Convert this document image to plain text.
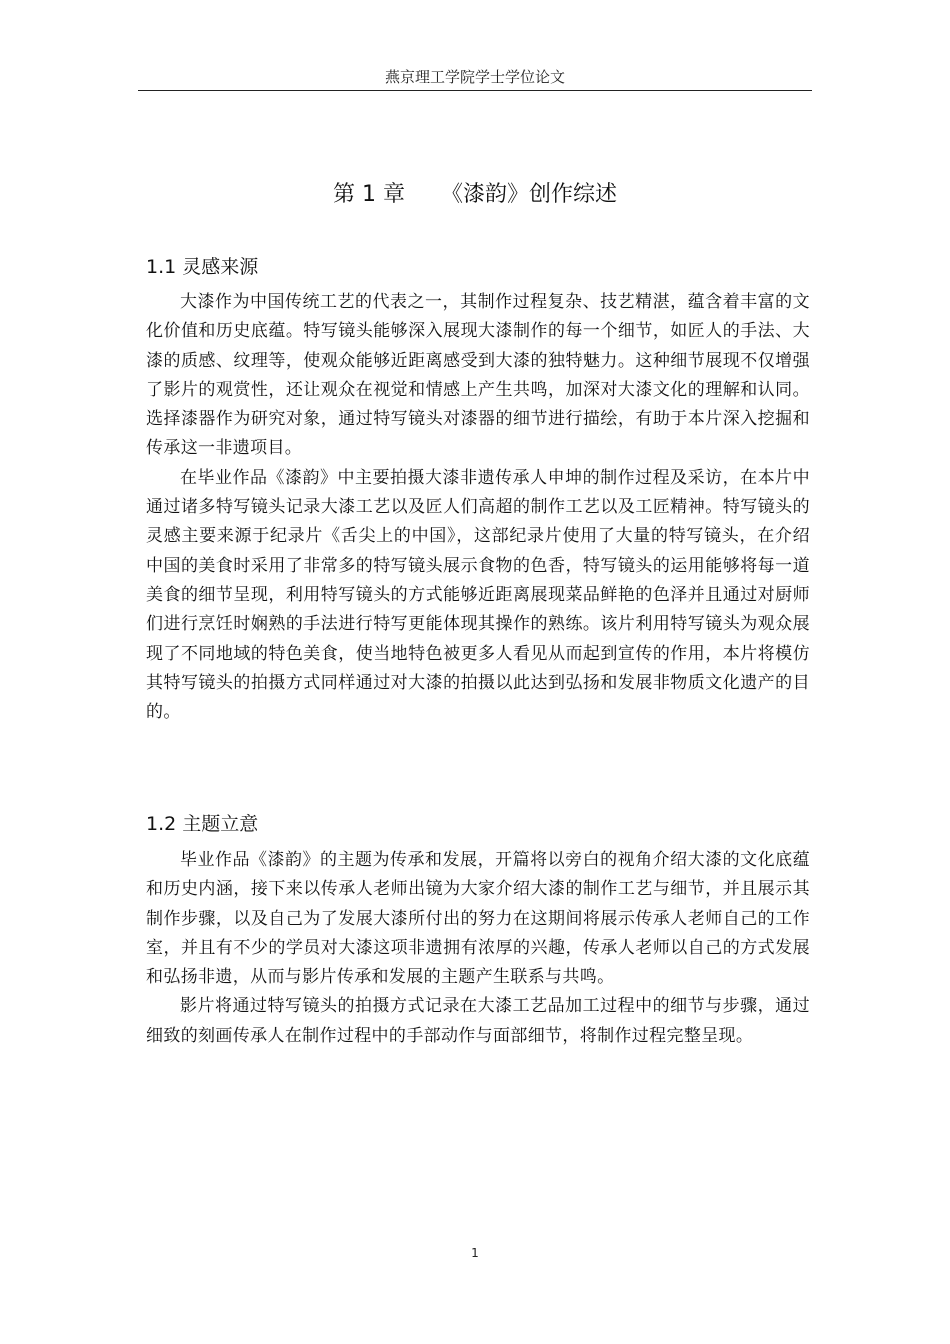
燕京理工学院学士学位论文
第 1 章 《漆韵》创作综述
1.1 灵感来源

大漆作为中国传统工艺的代表之一，其制作过程复杂、技艺精湛，蕴含着丰富的文化价值和历史底蕴。特写镜头能够深入展现大漆制作的每一个细节，如匠人的手法、大漆的质感、纹理等，使观众能够近距离感受到大漆的独特魅力。这种细节展现不仅增强了影片的观赏性，还让观众在视觉和情感上产生共鸣，加深对大漆文化的理解和认同。选择漆器作为研究对象，通过特写镜头对漆器的细节进行描绘，有助于本片深入挖掘和传承这一非遗项目。

在毕业作品《漆韵》中主要拍摄大漆非遗传承人申坤的制作过程及采访，在本片中通过诸多特写镜头记录大漆工艺以及匠人们高超的制作工艺以及工匠精神。特写镜头的灵感主要来源于纪录片《舌尖上的中国》，这部纪录片使用了大量的特写镜头，在介绍中国的美食时采用了非常多的特写镜头展示食物的色香，特写镜头的运用能够将每一道美食的细节呈现，利用特写镜头的方式能够近距离展现菜品鲜艳的色泽并且通过对厨师们进行烹饪时娴熟的手法进行特写更能体现其操作的熟练。该片利用特写镜头为观众展现了不同地域的特色美食，使当地特色被更多人看见从而起到宣传的作用，本片将模仿其特写镜头的拍摄方式同样通过对大漆的拍摄以此达到弘扬和发展非物质文化遗产的目的。

1.2 主题立意

毕业作品《漆韵》的主题为传承和发展，开篇将以旁白的视角介绍大漆的文化底蕴和历史内涵，接下来以传承人老师出镜为大家介绍大漆的制作工艺与细节，并且展示其制作步骤，以及自己为了发展大漆所付出的努力在这期间将展示传承人老师自己的工作室，并且有不少的学员对大漆这项非遗拥有浓厚的兴趣，传承人老师以自己的方式发展和弘扬非遗，从而与影片传承和发展的主题产生联系与共鸣。

影片将通过特写镜头的拍摄方式记录在大漆工艺品加工过程中的细节与步骤，通过细致的刻画传承人在制作过程中的手部动作与面部细节，将制作过程完整呈现。

1
